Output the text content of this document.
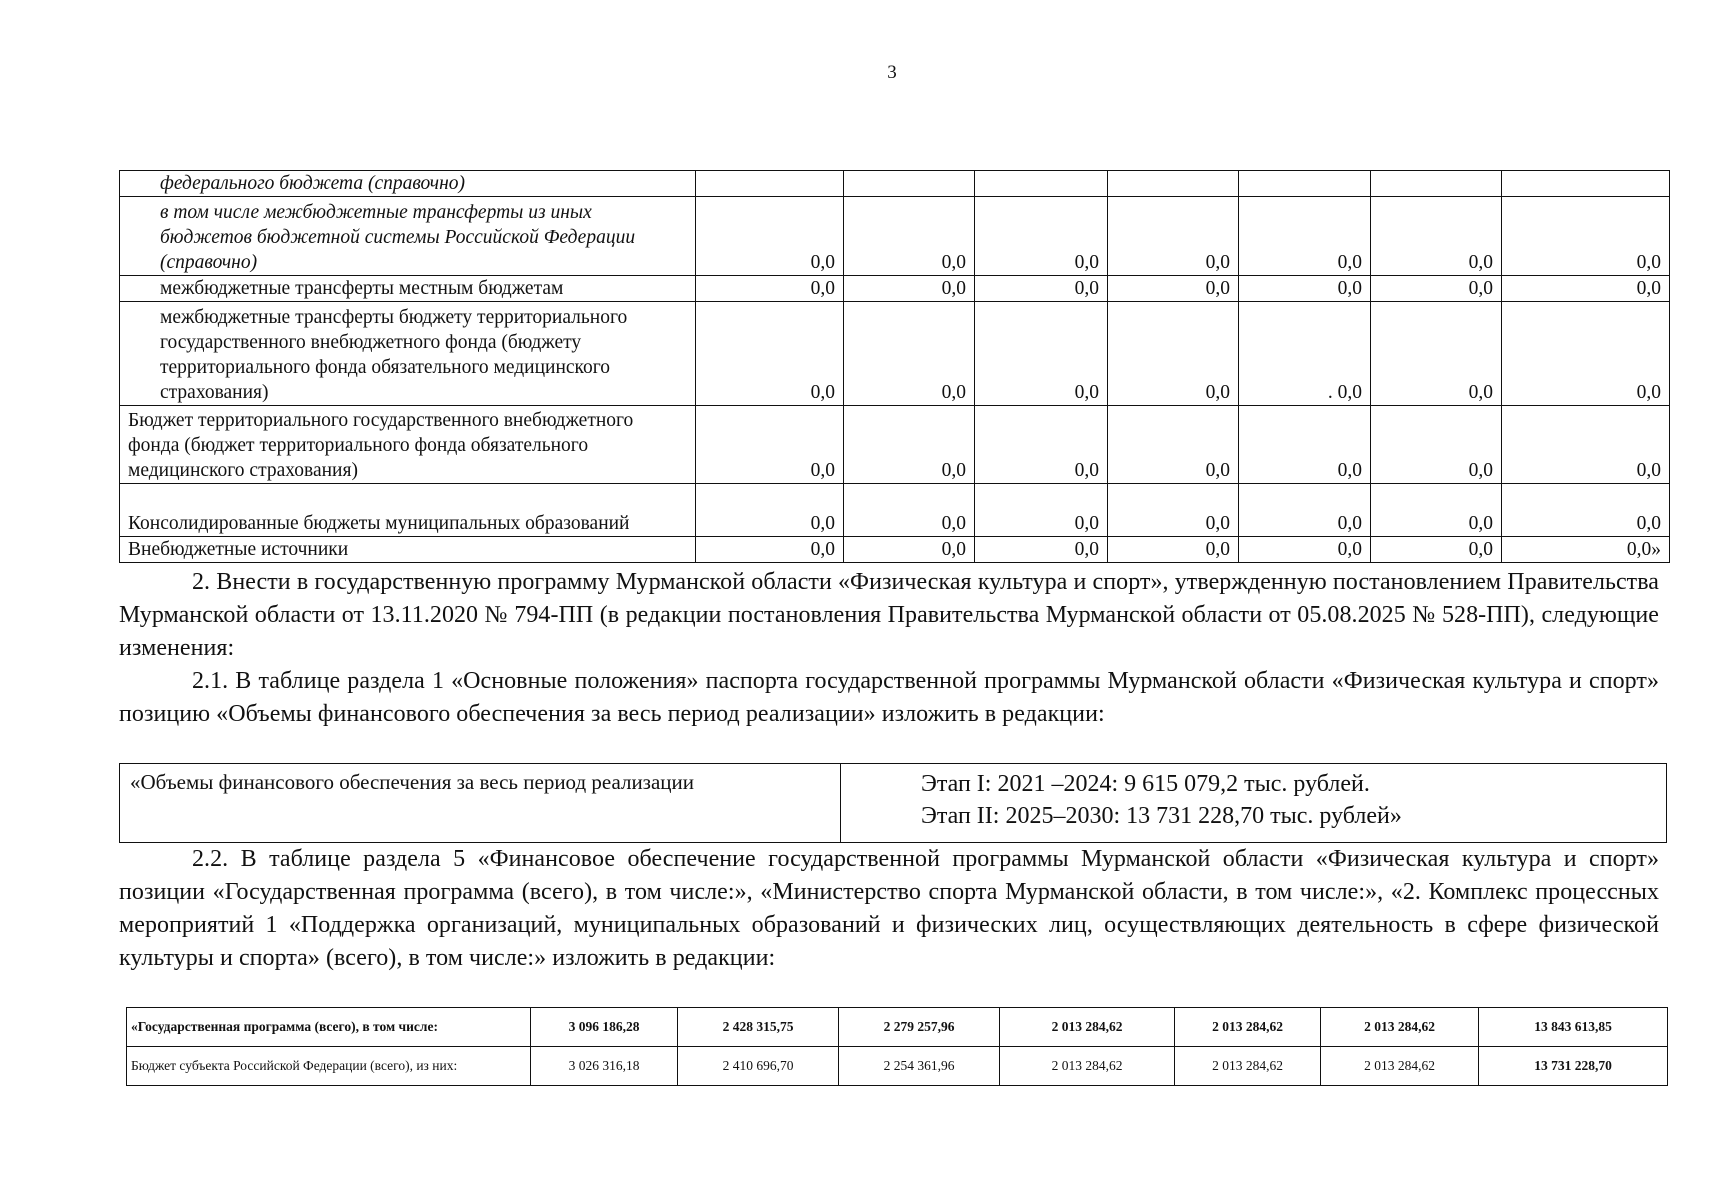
3
федерального бюджета (справочно)							
в том числе межбюджетные трансферты из иных бюджетов бюджетной системы Российской Федерации (справочно)	0,0	0,0	0,0	0,0	0,0	0,0	0,0
межбюджетные трансферты местным бюджетам	0,0	0,0	0,0	0,0	0,0	0,0	0,0
межбюджетные трансферты бюджету территориального государственного внебюджетного фонда (бюджету территориального фонда обязательного медицинского страхования)	0,0	0,0	0,0	0,0	. 0,0	0,0	0,0
Бюджет территориального государственного внебюджетного фонда (бюджет территориального фонда обязательного медицинского страхования)	0,0	0,0	0,0	0,0	0,0	0,0	0,0
Консолидированные бюджеты муниципальных образований	0,0	0,0	0,0	0,0	0,0	0,0	0,0
Внебюджетные источники	0,0	0,0	0,0	0,0	0,0	0,0	0,0»
2. Внести в государственную программу Мурманской области «Физическая культура и спорт», утвержденную постановлением Правительства Мурманской области от 13.11.2020 № 794-ПП (в редакции постановления Правительства Мурманской области от 05.08.2025 № 528-ПП), следующие изменения:
2.1. В таблице раздела 1 «Основные положения» паспорта государственной программы Мурманской области «Физическая культура и спорт» позицию «Объемы финансового обеспечения за весь период реализации» изложить в редакции:
«Объемы финансового обеспечения за весь период реализации	Этап I: 2021 –2024: 9 615 079,2 тыс. рублей.
Этап II: 2025–2030: 13 731 228,70 тыс. рублей»
2.2. В таблице раздела 5 «Финансовое обеспечение государственной программы Мурманской области «Физическая культура и спорт» позиции «Государственная программа (всего), в том числе:», «Министерство спорта Мурманской области, в том числе:», «2. Комплекс процессных мероприятий 1 «Поддержка организаций, муниципальных образований и физических лиц, осуществляющих деятельность в сфере физической культуры и спорта» (всего), в том числе:» изложить в редакции:
«Государственная программа (всего), в том числе:	3 096 186,28	2 428 315,75	2 279 257,96	2 013 284,62	2 013 284,62	2 013 284,62	13 843 613,85
Бюджет субъекта Российской Федерации (всего), из них:	3 026 316,18	2 410 696,70	2 254 361,96	2 013 284,62	2 013 284,62	2 013 284,62	13 731 228,70
